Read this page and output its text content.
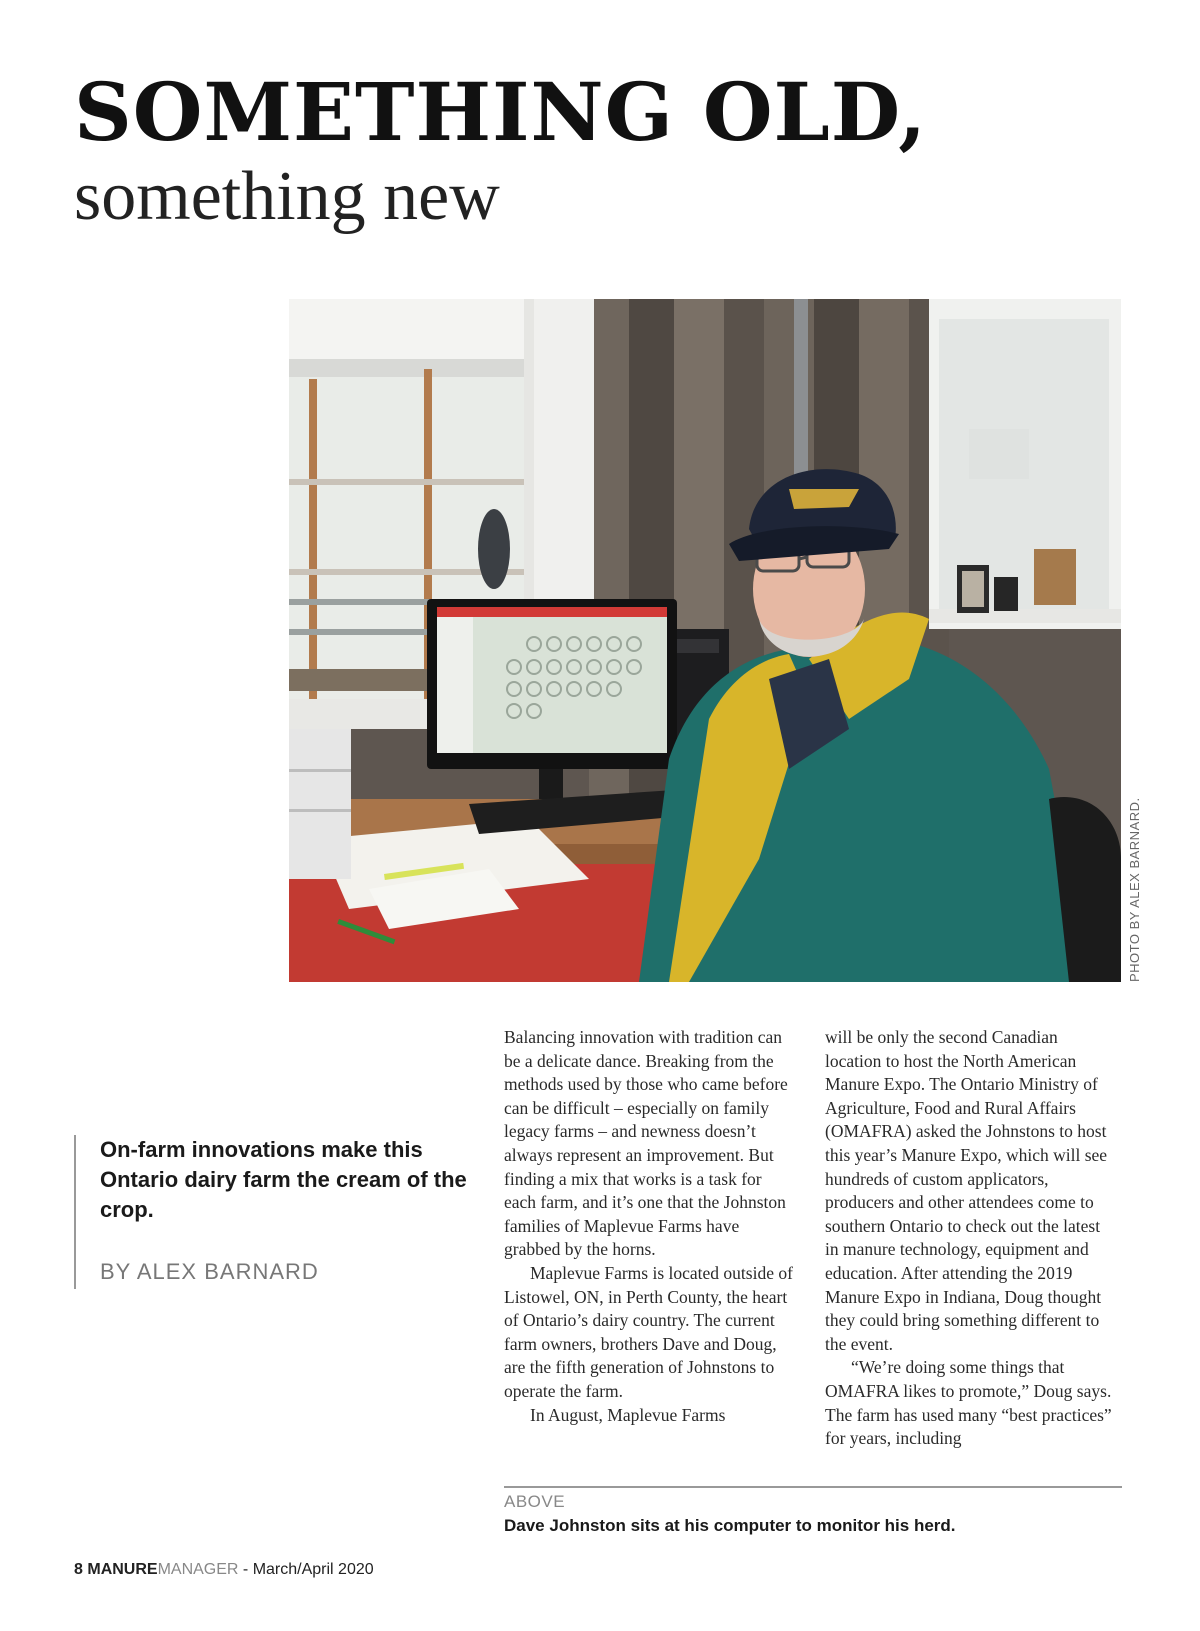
SOMETHING OLD,
something new
PHOTO BY ALEX BARNARD.

On-farm innovations make this Ontario dairy farm the cream of the crop.

BY ALEX BARNARD

Balancing innovation with tradition can be a delicate dance. Breaking from the methods used by those who came before can be difficult – especially on family legacy farms – and newness doesn’t always represent an improvement. But finding a mix that works is a task for each farm, and it’s one that the Johnston families of Maplevue Farms have grabbed by the horns.

Maplevue Farms is located outside of Listowel, ON, in Perth County, the heart of Ontario’s dairy country. The current farm owners, brothers Dave and Doug, are the fifth generation of Johnstons to operate the farm.

In August, Maplevue Farms

will be only the second Canadian location to host the North American Manure Expo. The Ontario Ministry of Agriculture, Food and Rural Affairs (OMAFRA) asked the Johnstons to host this year’s Manure Expo, which will see hundreds of custom applicators, producers and other attendees come to southern Ontario to check out the latest in manure technology, equipment and education. After attending the 2019 Manure Expo in Indiana, Doug thought they could bring something different to the event.

“We’re doing some things that OMAFRA likes to promote,” Doug says. The farm has used many “best practices” for years, including

ABOVE
Dave Johnston sits at his computer to monitor his herd.
8 MANUREMANAGER - March/April 2020
